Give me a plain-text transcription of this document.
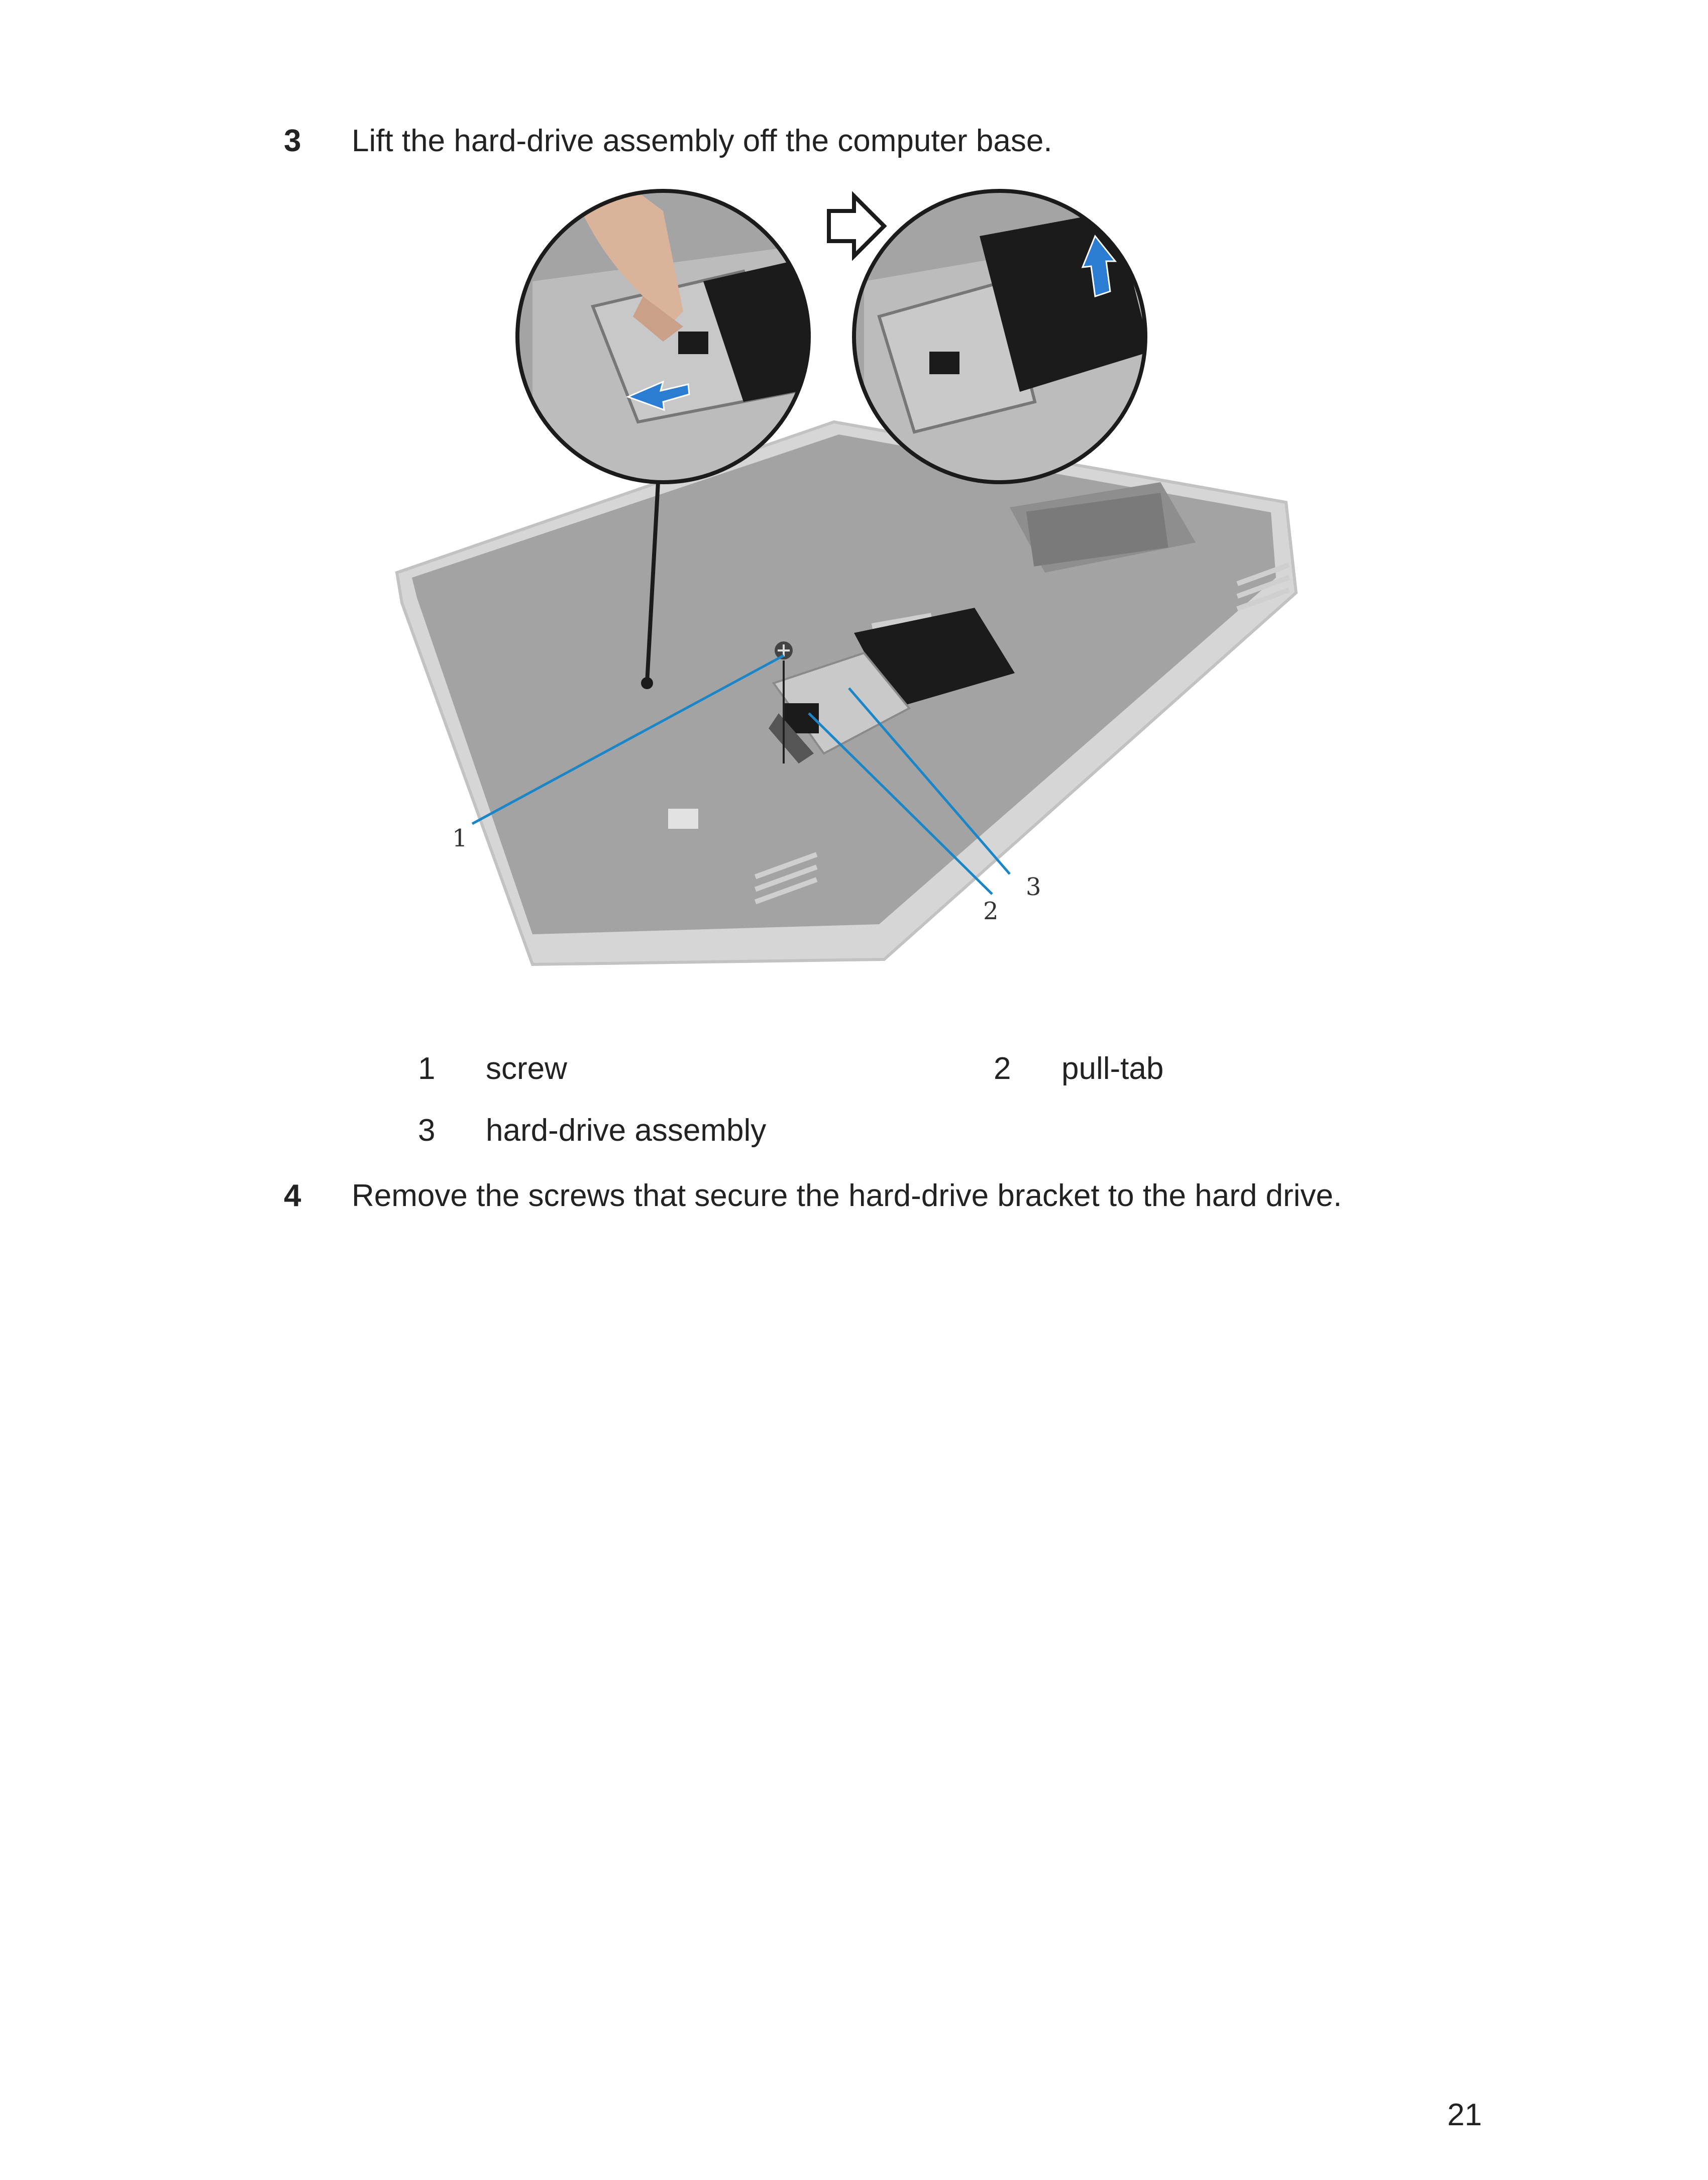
3	Lift the hard-drive assembly off the computer base.
1
2
3
1	screw	2	pull-tab
3	hard-drive assembly
4	Remove the screws that secure the hard-drive bracket to the hard drive.
21
